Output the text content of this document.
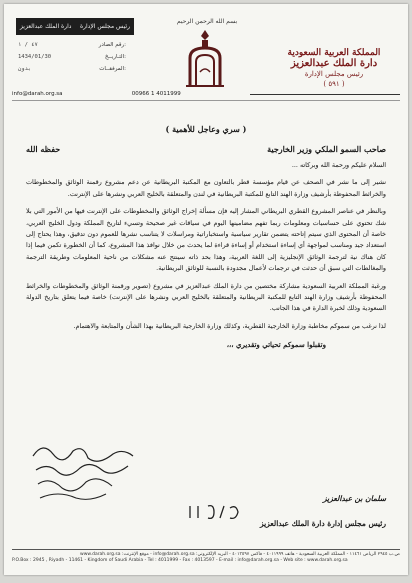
دارة الملك عبدالعزيز رئيس مجلس الإدارة
٤٧ / ١	رقم الصادر:
1434/01/30	التـاريــخ:
بدون	المرفقــات:
بسم الله الرحمن الرحيم
المملكة العربية السعودية
دارة الملك عبدالعزيز
رئيس مجلس الإدارة
( ٥٩١ )
info@darah.org.sa	00966 1 4011999
( سري وعاجل للأهمية )
صاحب السمو الملكي وزير الخارجية
حفظه الله

السلام عليكم ورحمة الله وبركاته ...

نشير إلى ما نشر في الصحف عن قيام مؤسسة قطر بالتعاون مع المكتبة البريطانية عن دعم مشروع رقمنة الوثائق والمخطوطات والخرائط المحفوظة بأرشيف وزارة الهند التابع للمكتبة البريطانية في لندن والمتعلقة بالخليج العربي ونشرها على الإنترنت.

وبالنظر في عناصر المشروع القطري البريطاني المشار إليه فإن مسألة إخراج الوثائق والمخطوطات على الإنترنت فيها من الأمور التي بلا شك تحتوي على حساسيات ومعلومات ربما تفهم مضامينها اليوم في سياقات غير صحيحة وتسيء لتاريخ المملكة ودول الخليج العربي، خاصة أن المحتوى الذي سيتم إتاحته يتضمن تقارير سياسية واستخباراتية ومراسلات لا يتناسب نشرها للعموم دون تدقيق، وهذا يحتاج إلى استعداد جيد ومناسب لمواجهة أي إساءة استخدام أو إساءة قراءة لما يحدث من خلال نوافذ هذا المشروع، كما أن الخطورة تكمن فيما إذا كان هناك نية لترجمة الوثائق الإنجليزية إلى اللغة العربية، وهذا بحد ذاته سينتج عنه مشكلات من ناحية المعلومات وطريقة الترجمة والمغالطات التي سبق أن حدثت في ترجمات لأعمال مجدودة بالنسبة للوثائق البريطانية.

ورغبة المملكة العربية السعودية مشاركة مختصين من دارة الملك عبدالعزيز في مشروع (تصوير ورقمنة الوثائق والمخطوطات والخرائط المحفوظة بأرشيف وزارة الهند التابع للمكتبة البريطانية والمتعلقة بالخليج العربي ونشرها على الإنترنت) خاصة فيما يتعلق بتاريخ الدولة السعودية وذلك لخبرة الدارة في هذا الجانب.

لذا نرغب من سموكم مخاطبة وزارة الخارجية القطرية، وكذلك وزارة الخارجية البريطانية بهذا الشأن والمتابعة والاهتمام.

وتقبلوا سموكم تحياتي وتقديري ،،،
سلمان بن عبدالعزيز
رئيس مجلس إدارة دارة الملك عبدالعزيز
ص.ب ٢٩٤٥ الرياض ١١٤٦١ - المملكة العربية السعودية - هاتف ٤٠١١٩٩٩ - فاكس ٤٠١٣٥٩٧ - البريد الإلكتروني: info@darah.org.sa - موقع الإنترنت: www.darah.org.sa
P.O.Box : 2945 , Riyadh - 11461 - Kingdom of Saudi Arabia - Tel : 4011999 - Fax : 4013597 - E-mail : info@darah.org.sa - Web site : www.darah.org.sa
